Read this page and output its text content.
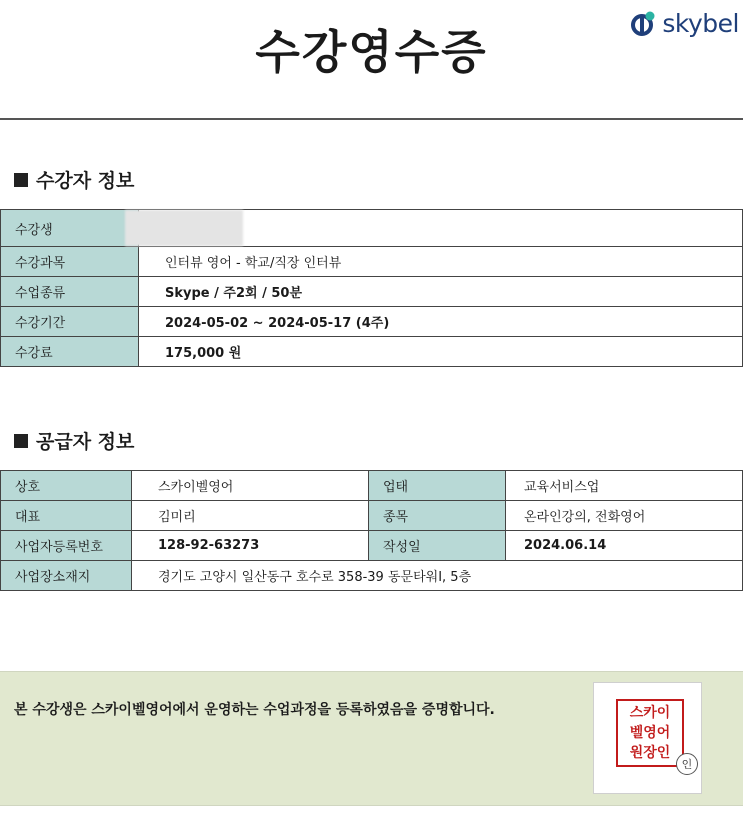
skybel
수강영수증
수강자 정보
수강생	

수강과목	인터뷰 영어 - 학교/직장 인터뷰
수업종류	Skype / 주2회 / 50분
수강기간	2024-05-02 ~ 2024-05-17 (4주)
수강료	175,000 원
공급자 정보
상호	스카이벨영어	업태	교육서비스업
대표	김미리	종목	온라인강의, 전화영어
사업자등록번호	128-92-63273	작성일	2024.06.14
사업장소재지	경기도 고양시 일산동구 호수로 358-39 동문타워Ⅰ, 5층		
본 수강생은 스카이벨영어에서 운영하는 수업과정을 등록하였음을 증명합니다.	스카이
벨영어
원장인
인
